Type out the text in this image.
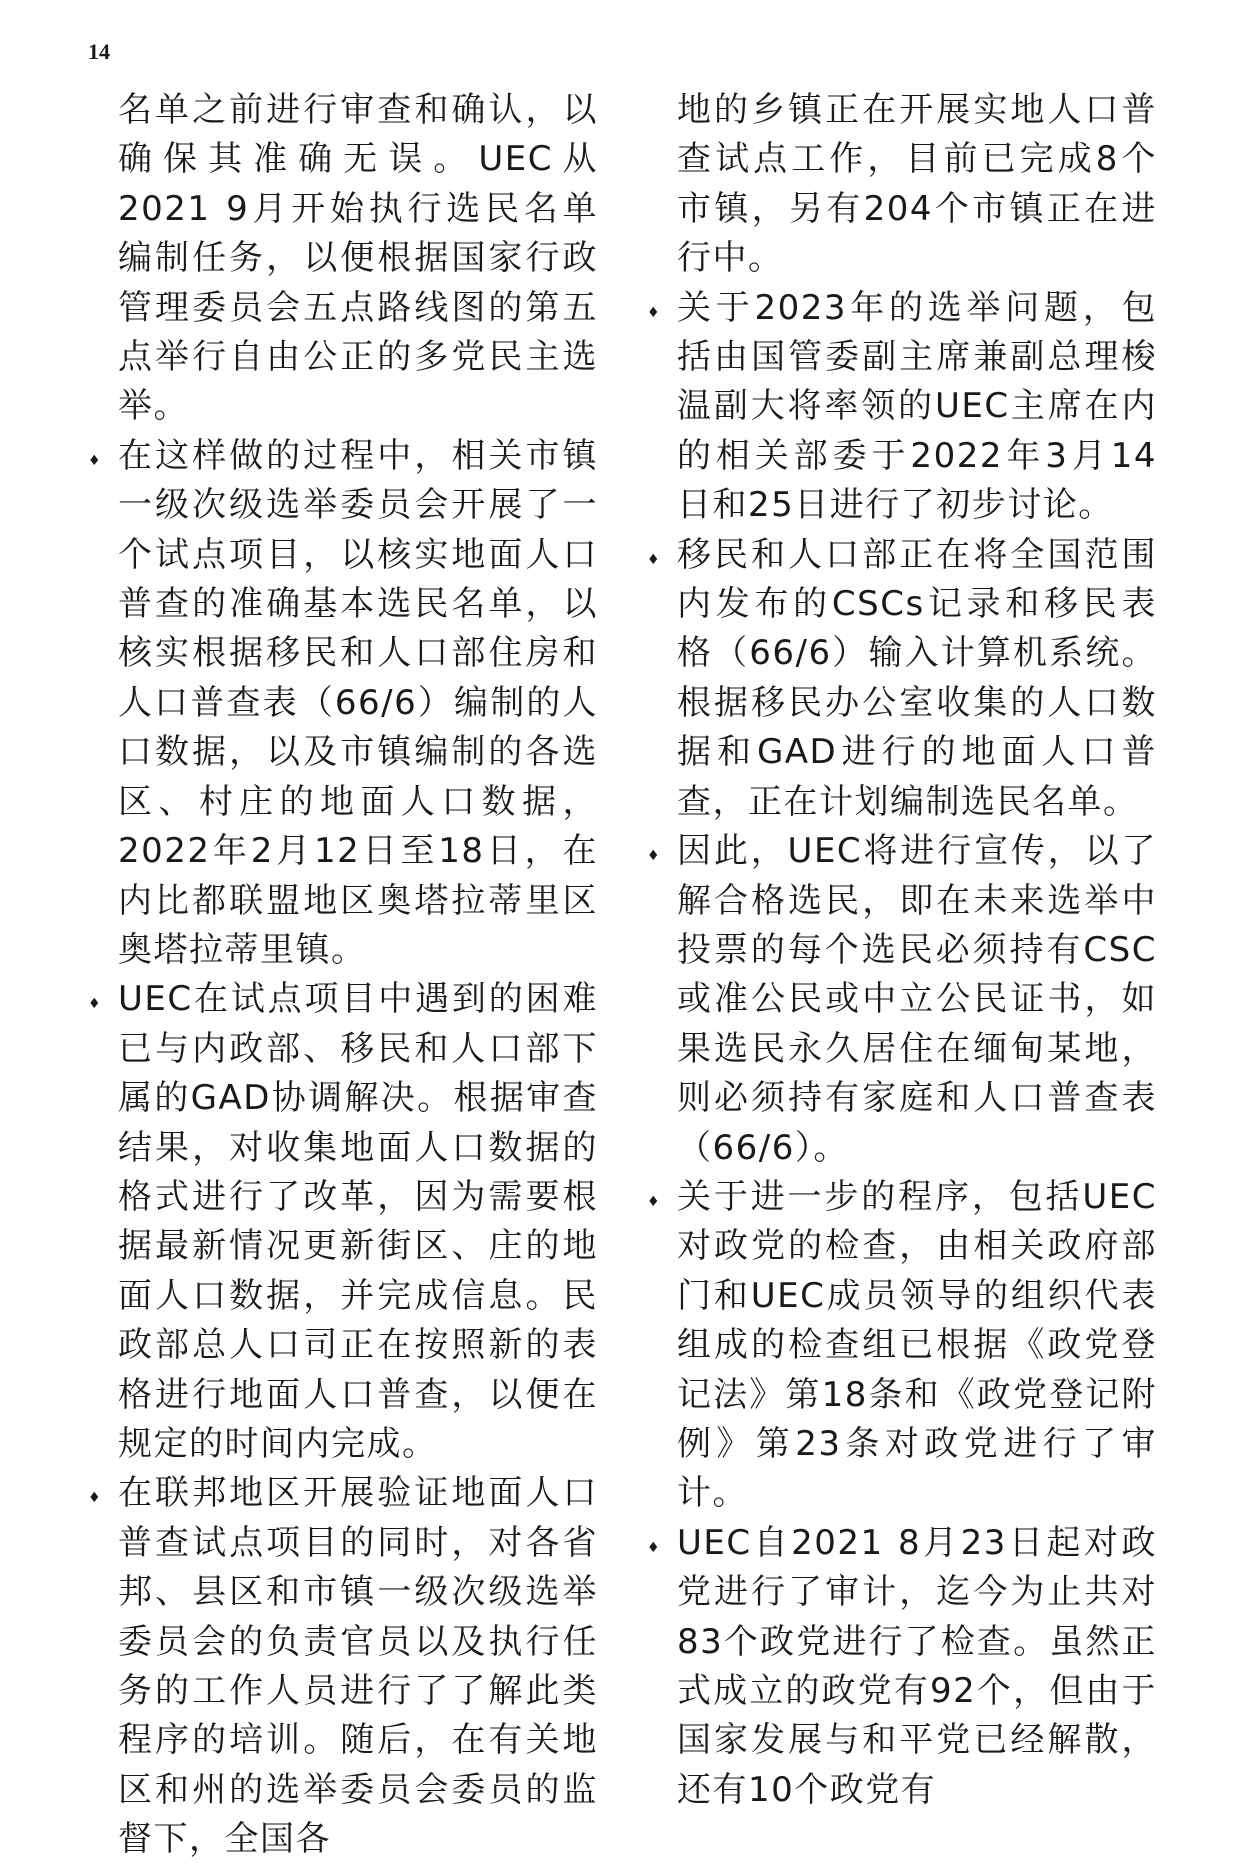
14

名单之前进行审查和确认，以确保其准确无误。UEC从2021 9月开始执行选民名单编制任务，以便根据国家行政管理委员会五点路线图的第五点举行自由公正的多党民主选举。

♦ 在这样做的过程中，相关市镇一级次级选举委员会开展了一个试点项目，以核实地面人口普查的准确基本选民名单，以核实根据移民和人口部住房和人口普查表（66/6）编制的人口数据，以及市镇编制的各选区、村庄的地面人口数据，2022年2月12日至18日，在内比都联盟地区奥塔拉蒂里区奥塔拉蒂里镇。

♦ UEC在试点项目中遇到的困难已与内政部、移民和人口部下属的GAD协调解决。根据审查结果，对收集地面人口数据的格式进行了改革，因为需要根据最新情况更新街区、庄的地面人口数据，并完成信息。民政部总人口司正在按照新的表格进行地面人口普查，以便在规定的时间内完成。

♦ 在联邦地区开展验证地面人口普查试点项目的同时，对各省邦、县区和市镇一级次级选举委员会的负责官员以及执行任务的工作人员进行了了解此类程序的培训。随后，在有关地区和州的选举委员会委员的监督下，全国各

地的乡镇正在开展实地人口普查试点工作，目前已完成8个市镇，另有204个市镇正在进行中。

♦ 关于2023年的选举问题，包括由国管委副主席兼副总理梭温副大将率领的UEC主席在内的相关部委于2022年3月14日和25日进行了初步讨论。

♦ 移民和人口部正在将全国范围内发布的CSCs记录和移民表格（66/6）输入计算机系统。根据移民办公室收集的人口数据和GAD进行的地面人口普查，正在计划编制选民名单。

♦ 因此，UEC将进行宣传，以了解合格选民，即在未来选举中投票的每个选民必须持有CSC或准公民或中立公民证书，如果选民永久居住在缅甸某地，则必须持有家庭和人口普查表（66/6）。

♦ 关于进一步的程序，包括UEC对政党的检查，由相关政府部门和UEC成员领导的组织代表组成的检查组已根据《政党登记法》第18条和《政党登记附例》第23条对政党进行了审计。

♦ UEC自2021 8月23日起对政党进行了审计，迄今为止共对83个政党进行了检查。虽然正式成立的政党有92个，但由于国家发展与和平党已经解散，还有10个政党有
